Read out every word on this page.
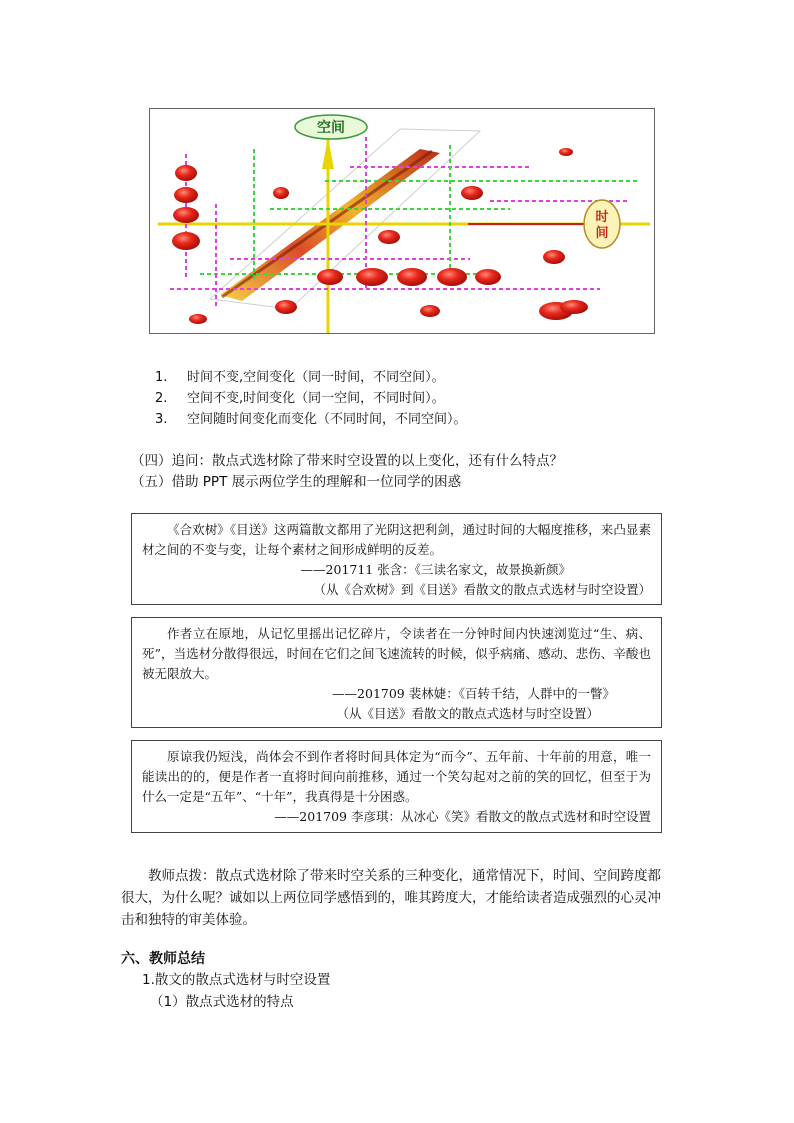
空间
时
间
1. 时间不变,空间变化（同一时间，不同空间）。
2. 空间不变,时间变化（同一空间，不同时间）。
3. 空间随时间变化而变化（不同时间，不同空间）。
（四）追问：散点式选材除了带来时空设置的以上变化，还有什么特点？
（五）借助 PPT 展示两位学生的理解和一位同学的困惑
《合欢树》《目送》这两篇散文都用了光阴这把利剑，通过时间的大幅度推移，来凸显素材之间的不变与变，让每个素材之间形成鲜明的反差。
——201711 张含：《三读名家文，故景换新颜》
（从《合欢树》到《目送》看散文的散点式选材与时空设置）
作者立在原地，从记忆里摇出记忆碎片，令读者在一分钟时间内快速浏览过“生、病、死”，当选材分散得很远，时间在它们之间飞速流转的时候，似乎病痛、感动、悲伤、辛酸也被无限放大。
——201709 裴林婕：《百转千结，人群中的一瞥》
（从《目送》看散文的散点式选材与时空设置）
原谅我仍短浅，尚体会不到作者将时间具体定为“而今”、五年前、十年前的用意，唯一能读出的的，便是作者一直将时间向前推移，通过一个笑勾起对之前的笑的回忆，但至于为什么一定是“五年”、“十年”，我真得是十分困惑。
——201709 李彦琪：从冰心《笑》看散文的散点式选材和时空设置
教师点拨：散点式选材除了带来时空关系的三种变化，通常情况下，时间、空间跨度都很大，为什么呢？诚如以上两位同学感悟到的，唯其跨度大，才能给读者造成强烈的心灵冲击和独特的审美体验。
六、教师总结
1.散文的散点式选材与时空设置
（1）散点式选材的特点
